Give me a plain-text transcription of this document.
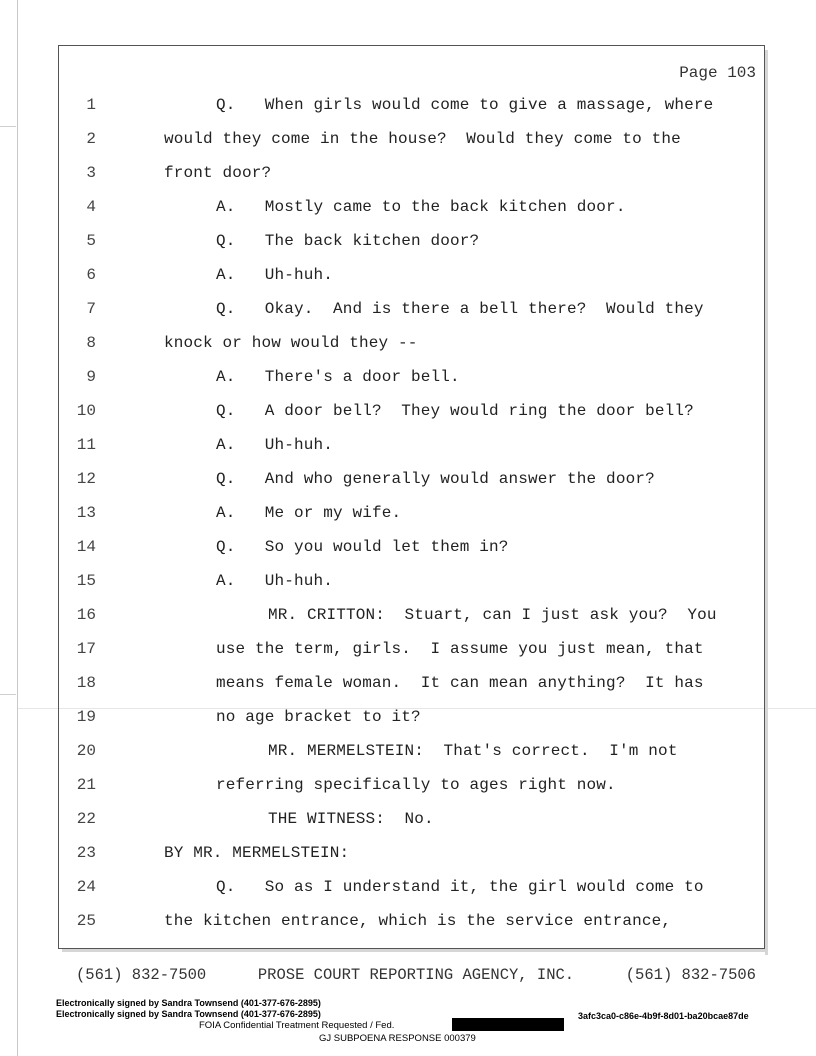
Page 103
1	Q.   When girls would come to give a massage, where
2	would they come in the house?  Would they come to the
3	front door?
4	A.   Mostly came to the back kitchen door.
5	Q.   The back kitchen door?
6	A.   Uh-huh.
7	Q.   Okay.  And is there a bell there?  Would they
8	knock or how would they --
9	A.   There's a door bell.
10	Q.   A door bell?  They would ring the door bell?
11	A.   Uh-huh.
12	Q.   And who generally would answer the door?
13	A.   Me or my wife.
14	Q.   So you would let them in?
15	A.   Uh-huh.
16	MR. CRITTON:  Stuart, can I just ask you?  You
17	use the term, girls.  I assume you just mean, that
18	means female woman.  It can mean anything?  It has
19	no age bracket to it?
20	MR. MERMELSTEIN:  That's correct.  I'm not
21	referring specifically to ages right now.
22	THE WITNESS:  No.
23	BY MR. MERMELSTEIN:
24	Q.   So as I understand it, the girl would come to
25	the kitchen entrance, which is the service entrance,
(561) 832-7500	PROSE COURT REPORTING AGENCY, INC.	(561) 832-7506
Electronically signed by Sandra Townsend (401-377-676-2895)
Electronically signed by Sandra Townsend (401-377-676-2895)	3afc3ca0-c86e-4b9f-8d01-ba20bcae87de
FOIA Confidential Treatment Requested / Fed.
GJ SUBPOENA RESPONSE 000379
